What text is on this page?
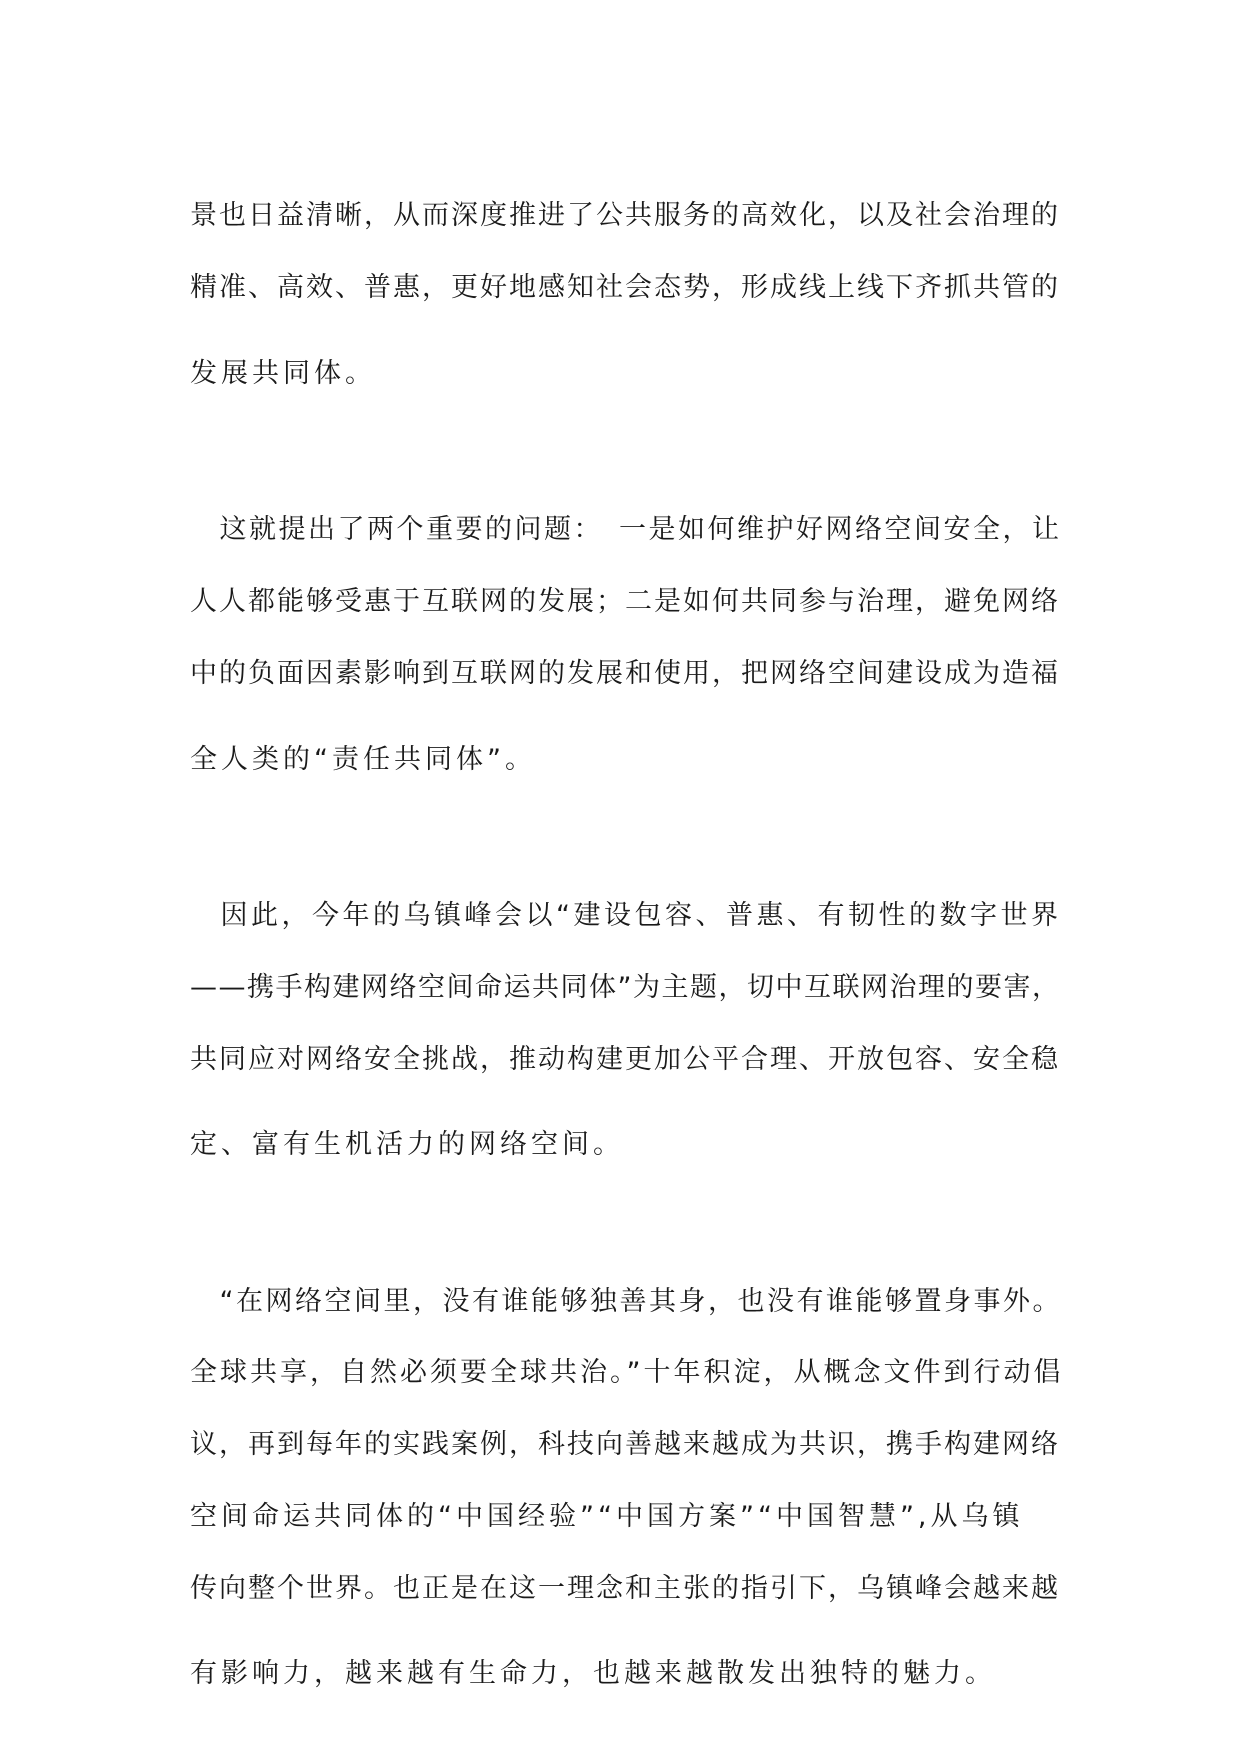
景也日益清晰，从而深度推进了公共服务的高效化，以及社会治理的
精准、高效、普惠，更好地感知社会态势，形成线上线下齐抓共管的
发展共同体。
　这就提出了两个重要的问题：　一是如何维护好网络空间安全，让
人人都能够受惠于互联网的发展；二是如何共同参与治理，避免网络
中的负面因素影响到互联网的发展和使用，把网络空间建设成为造福
全人类的“责任共同体”。
　因此，今年的乌镇峰会以“建设包容、普惠、有韧性的数字世界
——携手构建网络空间命运共同体”为主题，切中互联网治理的要害，
共同应对网络安全挑战，推动构建更加公平合理、开放包容、安全稳
定、富有生机活力的网络空间。
　“在网络空间里，没有谁能够独善其身，也没有谁能够置身事外。
全球共享，自然必须要全球共治。”十年积淀，从概念文件到行动倡
议，再到每年的实践案例，科技向善越来越成为共识，携手构建网络
空间命运共同体的“中国经验”“中国方案”“中国智慧”,从乌镇
传向整个世界。也正是在这一理念和主张的指引下，乌镇峰会越来越
有影响力，越来越有生命力，也越来越散发出独特的魅力。
